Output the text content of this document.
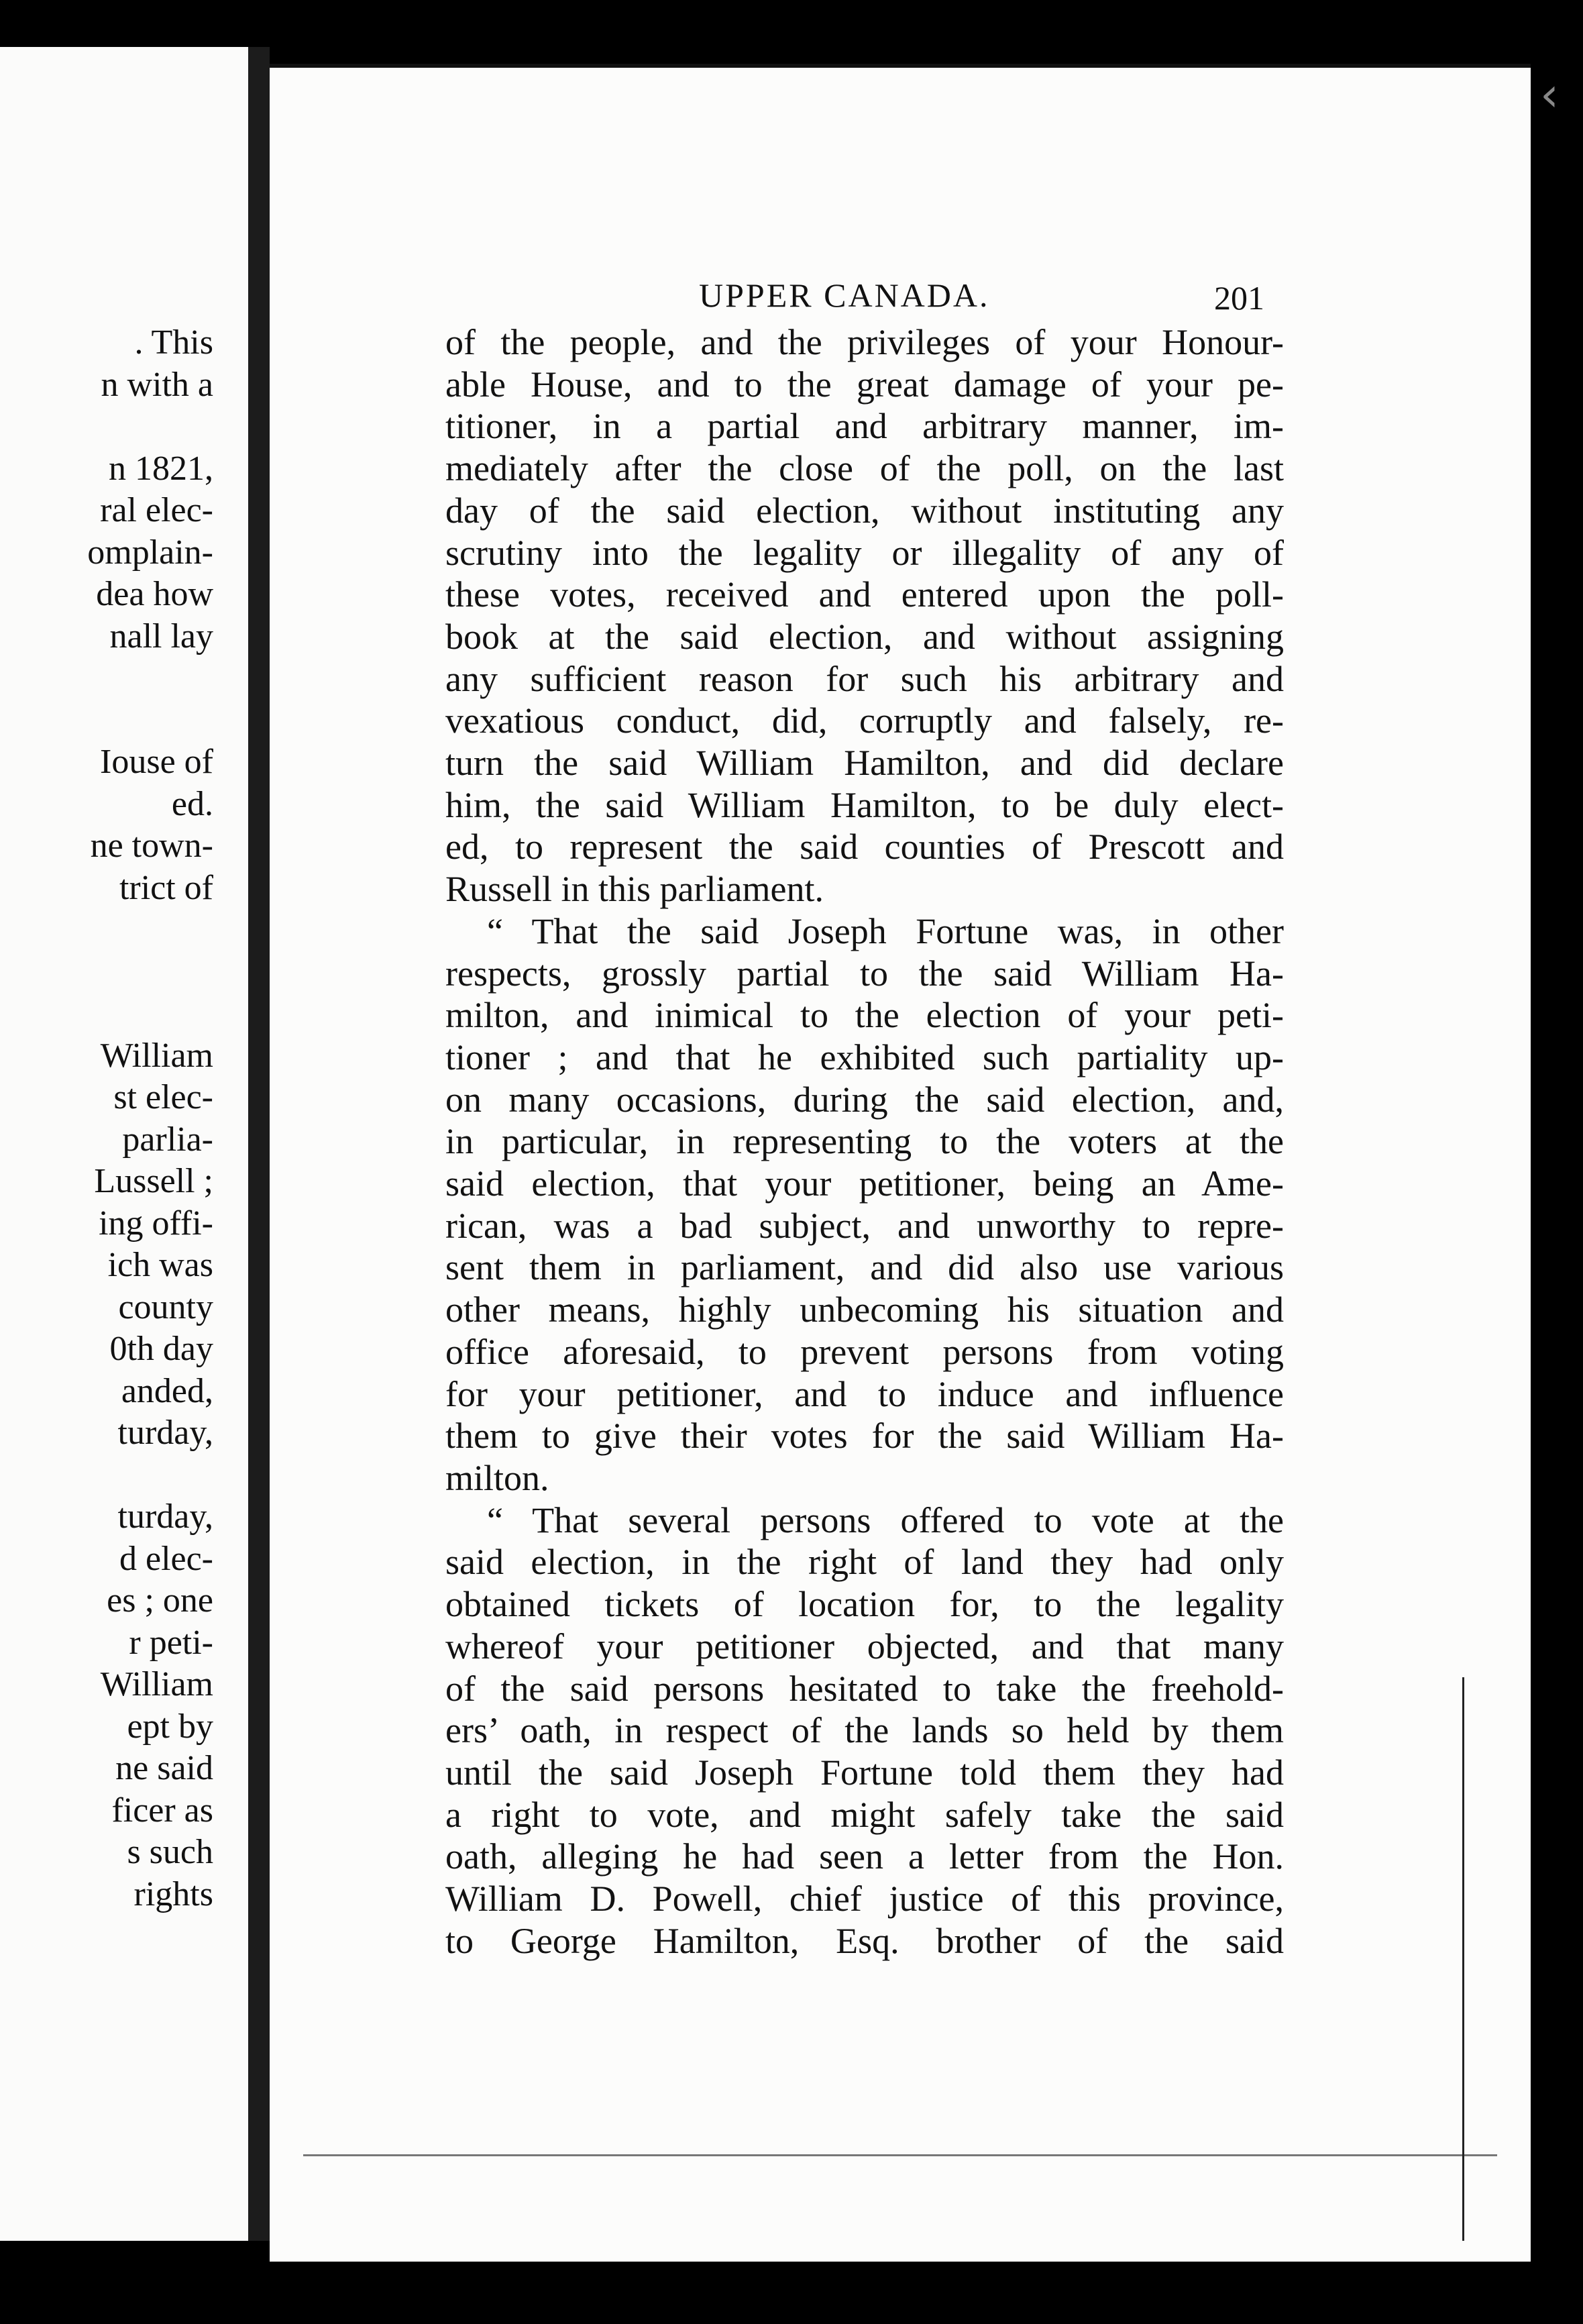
. This
n with a
n 1821,
ral elec-
omplain-
dea how
nall lay
Iouse of
ed.
ne town-
trict of
William
st elec-
parlia-
Lussell ;
ing offi-
ich was
county
0th day
anded,
turday,
turday,
d elec-
es ; one
r peti-
William
ept by
ne said
ficer as
s such
rights
UPPER CANADA.	201
of the people, and the privileges of your Honour-
able House, and to the great damage of your pe-
titioner, in a partial and arbitrary manner, im-
mediately after the close of the poll, on the last
day of the said election, without instituting any
scrutiny into the legality or illegality of any of
these votes, received and entered upon the poll-
book at the said election, and without assigning
any sufficient reason for such his arbitrary and
vexatious conduct, did, corruptly and falsely, re-
turn the said William Hamilton, and did declare
him, the said William Hamilton, to be duly elect-
ed, to represent the said counties of Prescott and
Russell in this parliament.
“ That the said Joseph Fortune was, in other
respects, grossly partial to the said William Ha-
milton, and inimical to the election of your peti-
tioner ; and that he exhibited such partiality up-
on many occasions, during the said election, and,
in particular, in representing to the voters at the
said election, that your petitioner, being an Ame-
rican, was a bad subject, and unworthy to repre-
sent them in parliament, and did also use various
other means, highly unbecoming his situation and
office aforesaid, to prevent persons from voting
for your petitioner, and to induce and influence
them to give their votes for the said William Ha-
milton.
“ That several persons offered to vote at the
said election, in the right of land they had only
obtained tickets of location for, to the legality
whereof your petitioner objected, and that many
of the said persons hesitated to take the freehold-
ers’ oath, in respect of the lands so held by them
until the said Joseph Fortune told them they had
a right to vote, and might safely take the said
oath, alleging he had seen a letter from the Hon.
William D. Powell, chief justice of this province,
to George Hamilton, Esq. brother of the said
‹
